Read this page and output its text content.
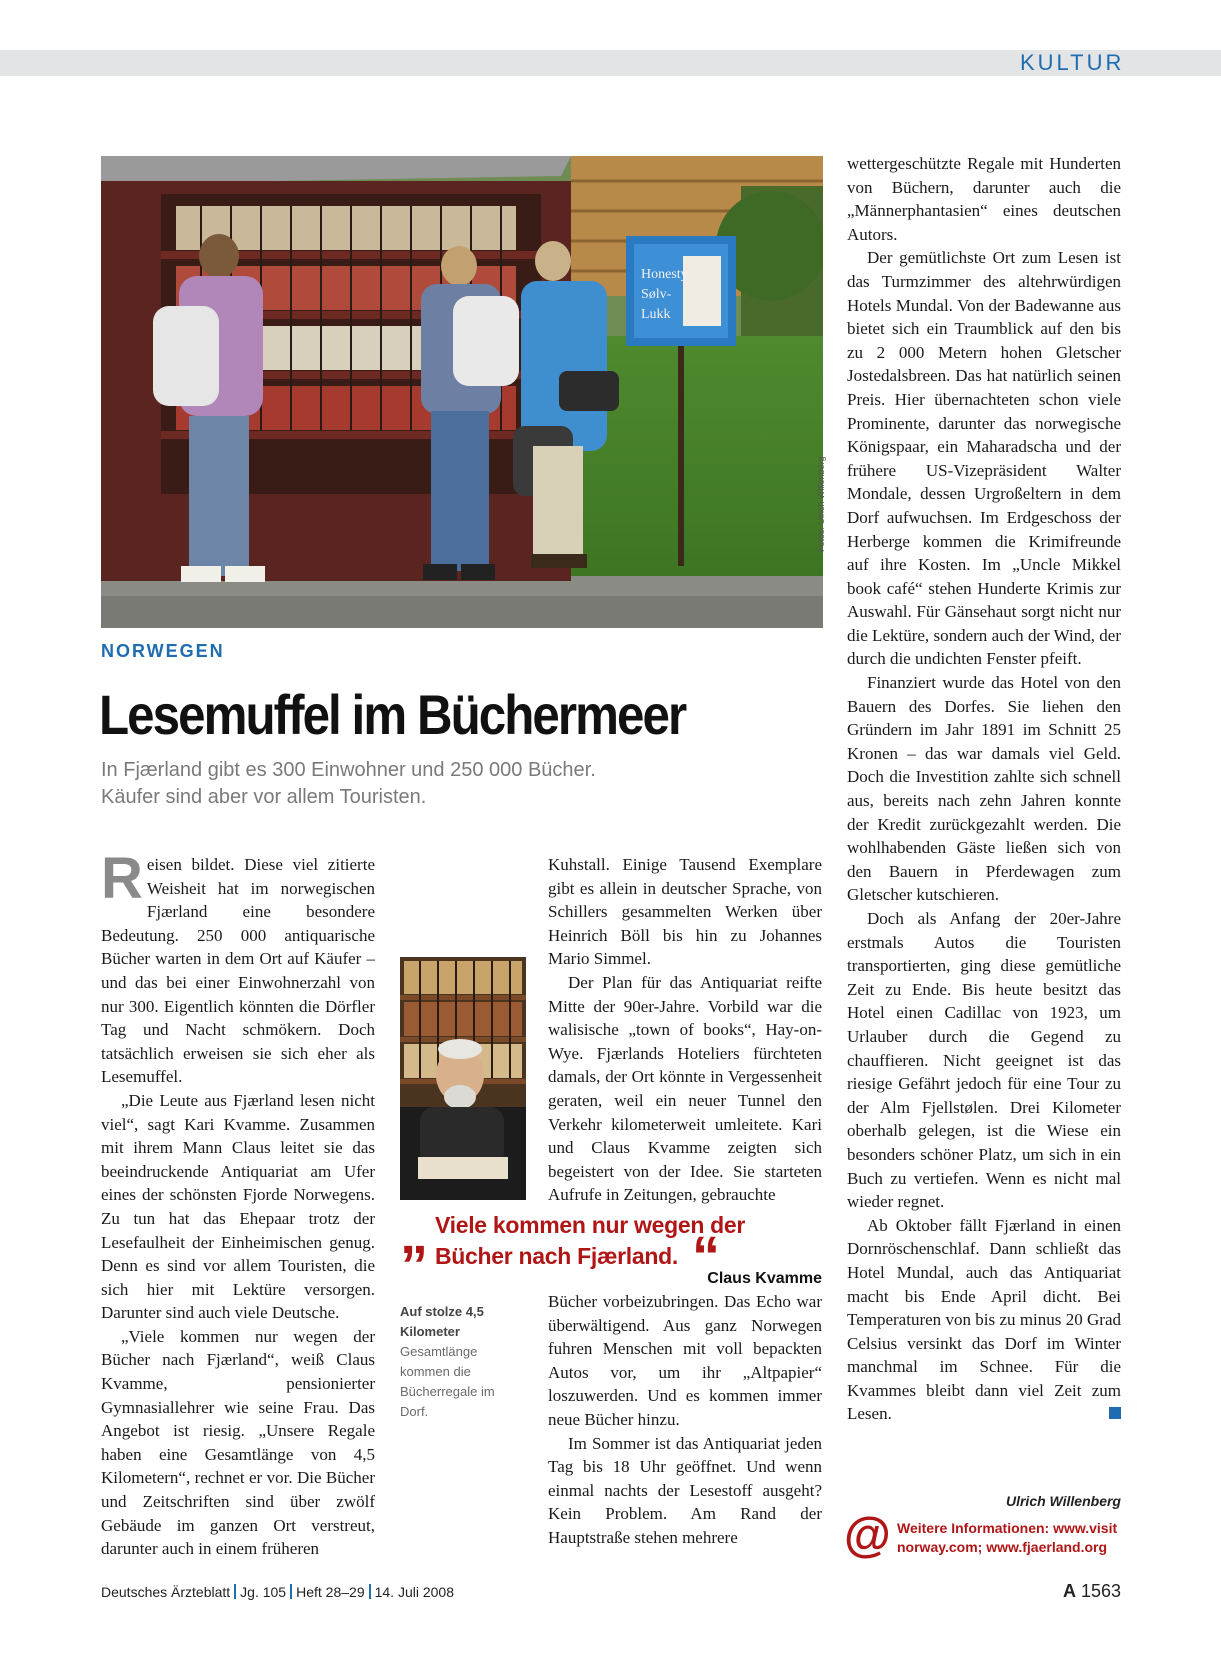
KULTUR
Honesty
Sølv-
Lukk
Fotos: Ulrich Willenberg
NORWEGEN
Lesemuffel im Büchermeer
In Fjærland gibt es 300 Einwohner und 250 000 Bücher.
Käufer sind aber vor allem Touristen.

Reisen bildet. Diese viel zitierte Weisheit hat im norwegischen Fjærland eine besondere Bedeutung. 250 000 antiquarische Bücher warten in dem Ort auf Käufer – und das bei einer Einwohnerzahl von nur 300. Eigentlich könnten die Dörfler Tag und Nacht schmökern. Doch tatsächlich erweisen sie sich eher als Lesemuffel.

„Die Leute aus Fjærland lesen nicht viel“, sagt Kari Kvamme. Zusammen mit ihrem Mann Claus leitet sie das beeindruckende Antiquariat am Ufer eines der schönsten Fjorde Norwegens. Zu tun hat das Ehepaar trotz der Lesefaulheit der Einheimischen genug. Denn es sind vor allem Touristen, die sich hier mit Lektüre versorgen. Darunter sind auch viele Deutsche.

„Viele kommen nur wegen der Bücher nach Fjærland“, weiß Claus Kvamme, pensionierter Gymnasiallehrer wie seine Frau. Das Angebot ist riesig. „Unsere Regale haben eine Gesamtlänge von 4,5 Kilometern“, rechnet er vor. Die Bücher und Zeitschriften sind über zwölf Gebäude im ganzen Ort verstreut, darunter auch in einem früheren

Kuhstall. Einige Tausend Exemplare gibt es allein in deutscher Sprache, von Schillers gesammelten Werken über Heinrich Böll bis hin zu Johannes Mario Simmel.

Der Plan für das Antiquariat reifte Mitte der 90er-Jahre. Vorbild war die walisische „town of books“, Hay-on-Wye. Fjærlands Hoteliers fürchteten damals, der Ort könnte in Vergessenheit geraten, weil ein neuer Tunnel den Verkehr kilometerweit umleitete. Kari und Claus Kvamme zeigten sich begeistert von der Idee. Sie starteten Aufrufe in Zeitungen, gebrauchte

„ Viele kommen nur wegen der Bücher nach Fjærland. “
Claus Kvamme
Auf stolze 4,5 Kilometer Gesamtlänge kommen die Bücherregale im Dorf.

Bücher vorbeizubringen. Das Echo war überwältigend. Aus ganz Norwegen fuhren Menschen mit voll bepackten Autos vor, um ihr „Altpapier“ loszuwerden. Und es kommen immer neue Bücher hinzu.

Im Sommer ist das Antiquariat jeden Tag bis 18 Uhr geöffnet. Und wenn einmal nachts der Lesestoff ausgeht? Kein Problem. Am Rand der Hauptstraße stehen mehrere

wettergeschützte Regale mit Hunderten von Büchern, darunter auch die „Männerphantasien“ eines deutschen Autors.

Der gemütlichste Ort zum Lesen ist das Turmzimmer des altehrwürdigen Hotels Mundal. Von der Badewanne aus bietet sich ein Traumblick auf den bis zu 2 000 Metern hohen Gletscher Jostedalsbreen. Das hat natürlich seinen Preis. Hier übernachteten schon viele Prominente, darunter das norwegische Königspaar, ein Maharadscha und der frühere US-Vizepräsident Walter Mondale, dessen Urgroßeltern in dem Dorf aufwuchsen. Im Erdgeschoss der Herberge kommen die Krimifreunde auf ihre Kosten. Im „Uncle Mikkel book café“ stehen Hunderte Krimis zur Auswahl. Für Gänsehaut sorgt nicht nur die Lektüre, sondern auch der Wind, der durch die undichten Fenster pfeift.

Finanziert wurde das Hotel von den Bauern des Dorfes. Sie liehen den Gründern im Jahr 1891 im Schnitt 25 Kronen – das war damals viel Geld. Doch die Investition zahlte sich schnell aus, bereits nach zehn Jahren konnte der Kredit zurückgezahlt werden. Die wohlhabenden Gäste ließen sich von den Bauern in Pferdewagen zum Gletscher kutschieren.

Doch als Anfang der 20er-Jahre erstmals Autos die Touristen transportierten, ging diese gemütliche Zeit zu Ende. Bis heute besitzt das Hotel einen Cadillac von 1923, um Urlauber durch die Gegend zu chauffieren. Nicht geeignet ist das riesige Gefährt jedoch für eine Tour zu der Alm Fjellstølen. Drei Kilometer oberhalb gelegen, ist die Wiese ein besonders schöner Platz, um sich in ein Buch zu vertiefen. Wenn es nicht mal wieder regnet.

Ab Oktober fällt Fjærland in einen Dornröschenschlaf. Dann schließt das Hotel Mundal, auch das Antiquariat macht bis Ende April dicht. Bei Temperaturen von bis zu minus 20 Grad Celsius versinkt das Dorf im Winter manchmal im Schnee. Für die Kvammes bleibt dann viel Zeit zum Lesen.

Ulrich Willenberg
@ Weitere Informationen: www.visit norway.com; www.fjaerland.org
Deutsches Ärzteblatt Jg. 105 Heft 28–29 14. Juli 2008	A 1563
